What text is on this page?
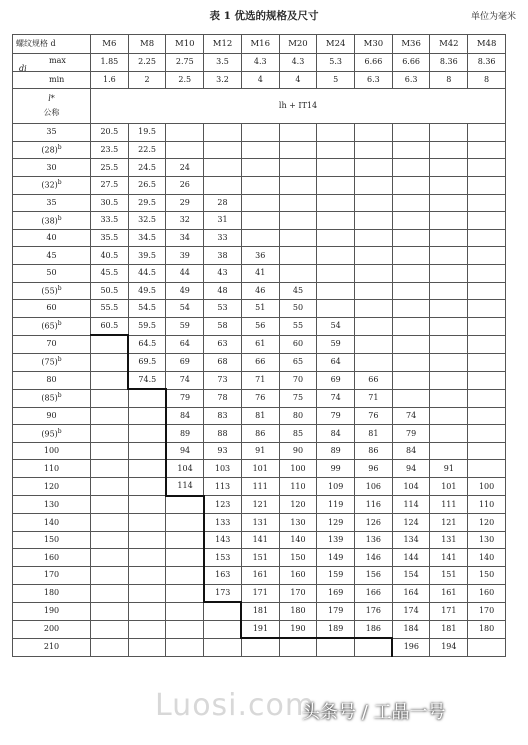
表 1 优选的规格及尺寸	单位为毫米
螺纹规格 d	M6	M8	M10	M12	M16	M20	M24	M30	M36	M42	M48

di
max	1.85	2.25	2.75	3.5	4.3	4.3	5.3	6.66	6.66	8.36	8.36
min	1.6	2	2.5	3.2	4	4	5	6.3	6.3	8	8

l*
公称	lh + IT14										
35	20.5	19.5									
$(28)^b$	23.5	22.5									
30	25.5	24.5	24								
$(32)^b$	27.5	26.5	26								
35	30.5	29.5	29	28							
$(38)^b$	33.5	32.5	32	31							
40	35.5	34.5	34	33							
45	40.5	39.5	39	38	36						
50	45.5	44.5	44	43	41						
$(55)^b$	50.5	49.5	49	48	46	45					
60	55.5	54.5	54	53	51	50					
$(65)^b$	60.5	59.5	59	58	56	55	54				
70		64.5	64	63	61	60	59				
$(75)^b$		69.5	69	68	66	65	64				
80		74.5	74	73	71	70	69	66			
$(85)^b$			79	78	76	75	74	71			
90			84	83	81	80	79	76	74		
$(95)^b$			89	88	86	85	84	81	79		
100			94	93	91	90	89	86	84		
110			104	103	101	100	99	96	94	91	
120			114	113	111	110	109	106	104	101	100
130				123	121	120	119	116	114	111	110
140				133	131	130	129	126	124	121	120
150				143	141	140	139	136	134	131	130
160				153	151	150	149	146	144	141	140
170				163	161	160	159	156	154	151	150
180				173	171	170	169	166	164	161	160
190					181	180	179	176	174	171	170
200					191	190	189	186	184	181	180
210									196	194	
Luosi.com
头条号 / 工晶一号
